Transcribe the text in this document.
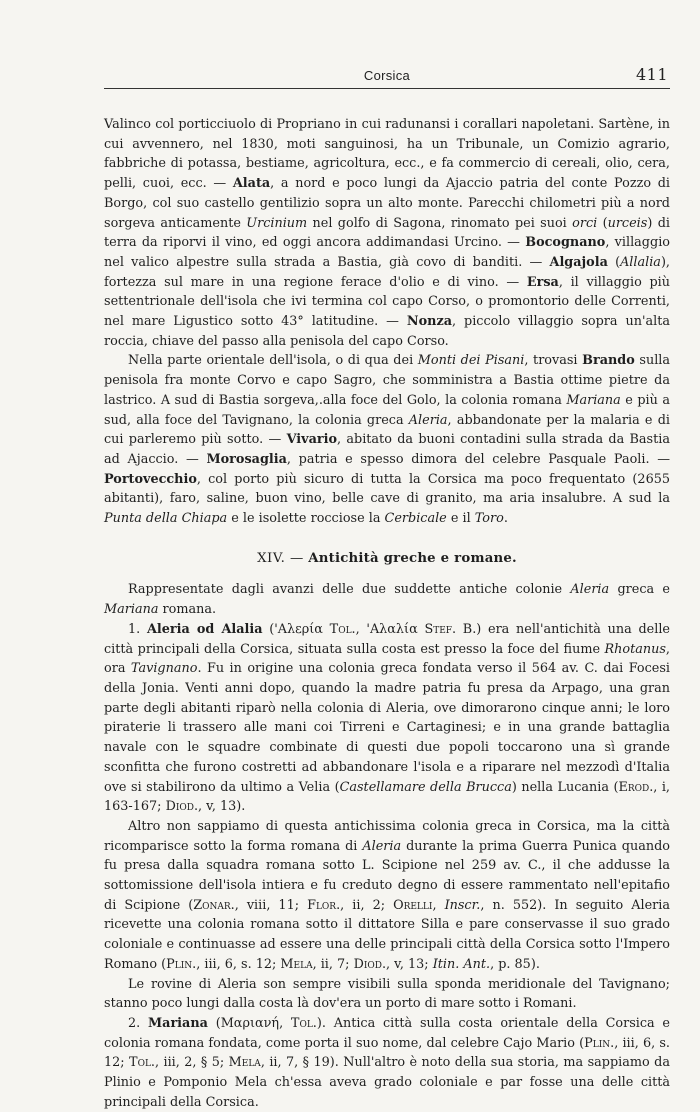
Corsica	411

Valinco col porticciuolo di Propriano in cui radunansi i corallari napoletani. Sartène, in cui avvennero, nel 1830, moti sanguinosi, ha un Tribunale, un Comizio agrario, fabbriche di potassa, bestiame, agricoltura, ecc., e fa commercio di cereali, olio, cera, pelli, cuoi, ecc. — Alata, a nord e poco lungi da Ajaccio patria del conte Pozzo di Borgo, col suo castello gentilizio sopra un alto monte. Parecchi chilometri più a nord sorgeva anticamente Urcinium nel golfo di Sagona, rinomato pei suoi orci (urceis) di terra da riporvi il vino, ed oggi ancora addimandasi Urcino. — Bocognano, villaggio nel valico alpestre sulla strada a Bastia, già covo di banditi. — Algajola (Allalia), fortezza sul mare in una regione ferace d'olio e di vino. — Ersa, il villaggio più settentrionale dell'isola che ivi termina col capo Corso, o promontorio delle Correnti, nel mare Ligustico sotto 43° latitudine. — Nonza, piccolo villaggio sopra un'alta roccia, chiave del passo alla penisola del capo Corso.

Nella parte orientale dell'isola, o di qua dei Monti dei Pisani, trovasi Brando sulla penisola fra monte Corvo e capo Sagro, che somministra a Bastia ottime pietre da lastrico. A sud di Bastia sorgeva,.alla foce del Golo, la colonia romana Mariana e più a sud, alla foce del Tavignano, la colonia greca Aleria, abbandonate per la malaria e di cui parleremo più sotto. — Vivario, abitato da buoni contadini sulla strada da Bastia ad Ajaccio. — Morosaglia, patria e spesso dimora del celebre Pasquale Paoli. — Portovecchio, col porto più sicuro di tutta la Corsica ma poco frequentato (2655 abitanti), faro, saline, buon vino, belle cave di granito, ma aria insalubre. A sud la Punta della Chiapa e le isolette rocciose la Cerbicale e il Toro.

XIV. — Antichità greche e romane.

Rappresentate dagli avanzi delle due suddette antiche colonie Aleria greca e Mariana romana.

1. Aleria od Alalia ('Αλερία Tol., 'Αλαλία Stef. B.) era nell'antichità una delle città principali della Corsica, situata sulla costa est presso la foce del fiume Rhotanus, ora Tavignano. Fu in origine una colonia greca fondata verso il 564 av. C. dai Focesi della Jonia. Venti anni dopo, quando la madre patria fu presa da Arpago, una gran parte degli abitanti riparò nella colonia di Aleria, ove dimorarono cinque anni; le loro piraterie li trassero alle mani coi Tirreni e Cartaginesi; e in una grande battaglia navale con le squadre combinate di questi due popoli toccarono una sì grande sconfitta che furono costretti ad abbandonare l'isola e a riparare nel mezzodì d'Italia ove si stabilirono da ultimo a Velia (Castellamare della Brucca) nella Lucania (Erod., i, 163-167; Diod., v, 13).

Altro non sappiamo di questa antichissima colonia greca in Corsica, ma la città ricomparisce sotto la forma romana di Aleria durante la prima Guerra Punica quando fu presa dalla squadra romana sotto L. Scipione nel 259 av. C., il che addusse la sottomissione dell'isola intiera e fu creduto degno di essere rammentato nell'epitafio di Scipione (Zonar., viii, 11; Flor., ii, 2; Orelli, Inscr., n. 552). In seguito Aleria ricevette una colonia romana sotto il dittatore Silla e pare conservasse il suo grado coloniale e continuasse ad essere una delle principali città della Corsica sotto l'Impero Romano (Plin., iii, 6, s. 12; Mela, ii, 7; Diod., v, 13; Itin. Ant., p. 85).

Le rovine di Aleria son sempre visibili sulla sponda meridionale del Tavignano; stanno poco lungi dalla costa là dov'era un porto di mare sotto i Romani.

2. Mariana (Μαριανή, Tol.). Antica città sulla costa orientale della Corsica e colonia romana fondata, come porta il suo nome, dal celebre Cajo Mario (Plin., iii, 6, s. 12; Tol., iii, 2, § 5; Mela, ii, 7, § 19). Null'altro è noto della sua storia, ma sappiamo da Plinio e Pomponio Mela ch'essa aveva grado coloniale e par fosse una delle città principali della Corsica.
